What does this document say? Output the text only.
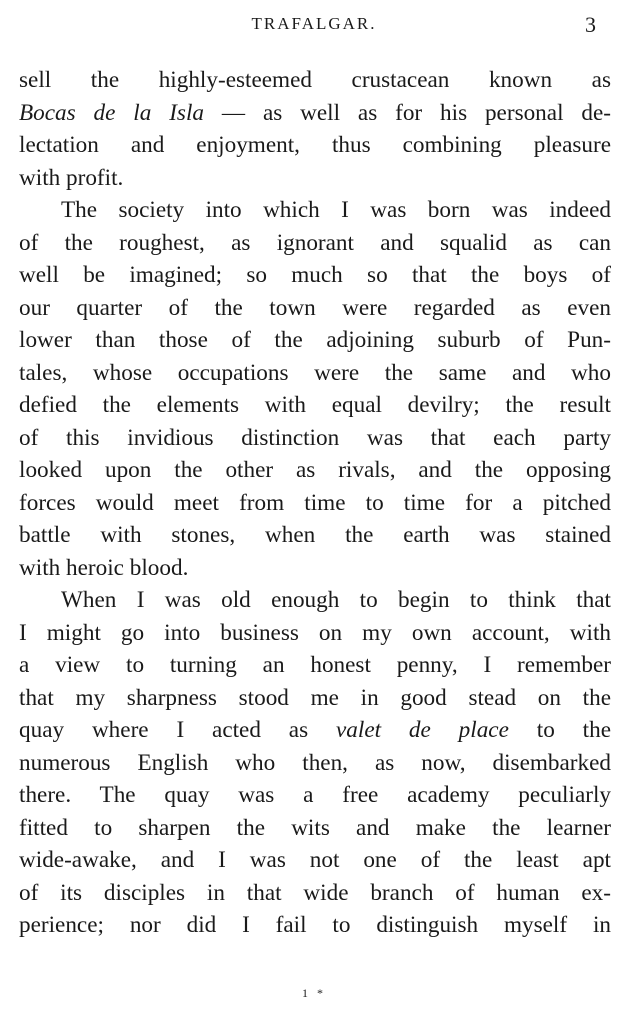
TRAFALGAR.	3
sell the highly-esteemed crustacean known as
Bocas de la Isla — as well as for his personal de-
lectation and enjoyment, thus combining pleasure
with profit.
The society into which I was born was indeed
of the roughest, as ignorant and squalid as can
well be imagined; so much so that the boys of
our quarter of the town were regarded as even
lower than those of the adjoining suburb of Pun-
tales, whose occupations were the same and who
defied the elements with equal devilry; the result
of this invidious distinction was that each party
looked upon the other as rivals, and the opposing
forces would meet from time to time for a pitched
battle with stones, when the earth was stained
with heroic blood.
When I was old enough to begin to think that
I might go into business on my own account, with
a view to turning an honest penny, I remember
that my sharpness stood me in good stead on the
quay where I acted as valet de place to the
numerous English who then, as now, disembarked
there. The quay was a free academy peculiarly
fitted to sharpen the wits and make the learner
wide-awake, and I was not one of the least apt
of its disciples in that wide branch of human ex-
perience; nor did I fail to distinguish myself in
1 *
